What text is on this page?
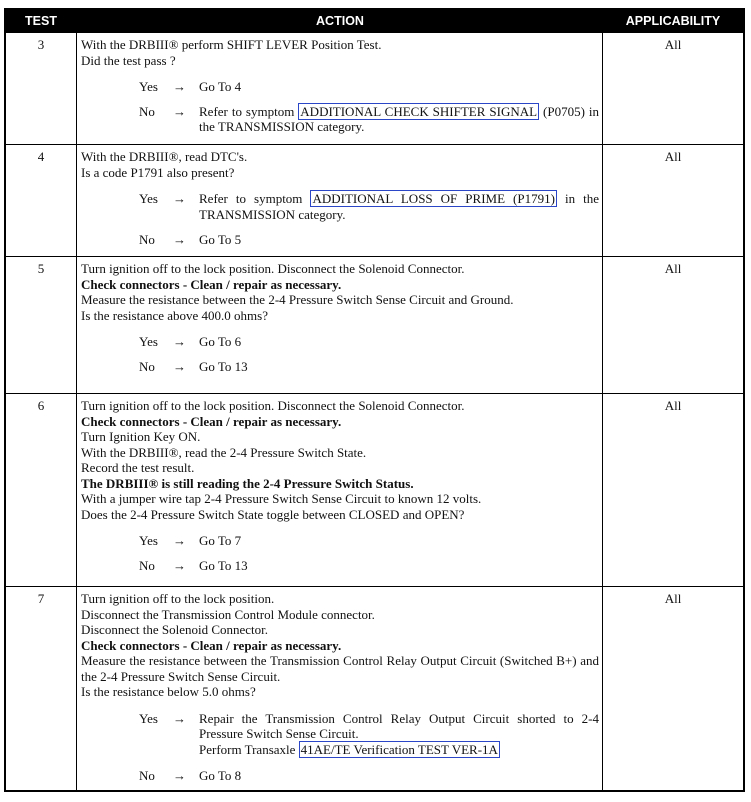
TEST	ACTION	APPLICABILITY
3	With the DRBIII® perform SHIFT LEVER Position Test.

Did the test pass ?

Yes → Go To 4
No → Refer to symptom ADDITIONAL CHECK SHIFTER SIGNAL (P0705) in the TRANSMISSION category.
All
4	With the DRBIII®, read DTC's.

Is a code P1791 also present?

Yes → Refer to symptom ADDITIONAL LOSS OF PRIME (P1791) in the TRANSMISSION category.
No → Go To 5
All
5	Turn ignition off to the lock position. Disconnect the Solenoid Connector.

Check connectors - Clean / repair as necessary.

Measure the resistance between the 2-4 Pressure Switch Sense Circuit and Ground.

Is the resistance above 400.0 ohms?

Yes → Go To 6
No → Go To 13
All
6	Turn ignition off to the lock position. Disconnect the Solenoid Connector.

Check connectors - Clean / repair as necessary.

Turn Ignition Key ON.

With the DRBIII®, read the 2-4 Pressure Switch State.

Record the test result.

The DRBIII® is still reading the 2-4 Pressure Switch Status.

With a jumper wire tap 2-4 Pressure Switch Sense Circuit to known 12 volts.

Does the 2-4 Pressure Switch State toggle between CLOSED and OPEN?

Yes → Go To 7
No → Go To 13
All
7	Turn ignition off to the lock position.

Disconnect the Transmission Control Module connector.

Disconnect the Solenoid Connector.

Check connectors - Clean / repair as necessary.

Measure the resistance between the Transmission Control Relay Output Circuit (Switched B+) and the 2-4 Pressure Switch Sense Circuit.

Is the resistance below 5.0 ohms?

Yes → Repair the Transmission Control Relay Output Circuit shorted to 2-4 Pressure Switch Sense Circuit.
Perform Transaxle 41AE/TE Verification TEST VER-1A
No → Go To 8
All
